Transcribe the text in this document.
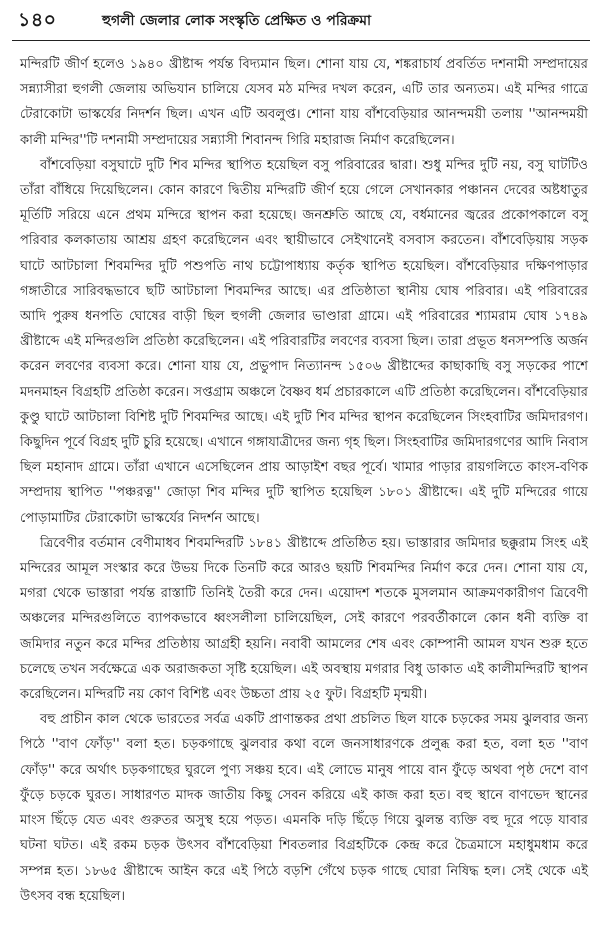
১৪০	হুগলী জেলার লোক সংস্কৃতি প্রেক্ষিত ও পরিক্রমা

মন্দিরটি জীর্ণ হলেও ১৯৪০ খ্রীষ্টাব্দ পর্যন্ত বিদ্যমান ছিল। শোনা যায় যে, শঙ্করাচার্য প্রবর্তিত দশনামী সম্প্রদায়ের সন্ন্যাসীরা হুগলী জেলায় অভিযান চালিয়ে যেসব মঠ মন্দির দখল করেন, এটি তার অন্যতম। এই মন্দির গাত্রে টেরাকোটা ভাস্কর্যের নিদর্শন ছিল। এখন এটি অবলুপ্ত। শোনা যায় বাঁশবেড়িয়ার আনন্দময়ী তলায় ''আনন্দময়ী কালী মন্দির''টি দশনামী সম্প্রদায়ের সন্ন্যাসী শিবানন্দ গিরি মহারাজ নির্মাণ করেছিলেন।

বাঁশবেড়িয়া বসুঘাটে দুটি শিব মন্দির স্থাপিত হয়েছিল বসু পরিবারের দ্বারা। শুধু মন্দির দুটি নয়, বসু ঘাটটিও তাঁরা বাঁধিয়ে দিয়েছিলেন। কোন কারণে দ্বিতীয় মন্দিরটি জীর্ণ হয়ে গেলে সেখানকার পঞ্চানন দেবের অষ্টধাতুর মূর্তিটি সরিয়ে এনে প্রথম মন্দিরে স্থাপন করা হয়েছে। জনশ্রুতি আছে যে, বর্ধমানের জ্বরের প্রকোপকালে বসু পরিবার কলকাতায় আশ্রয় গ্রহণ করেছিলেন এবং স্থায়ীভাবে সেইখানেই বসবাস করতেন। বাঁশবেড়িয়ায় সড়ক ঘাটে আটচালা শিবমন্দির দুটি পশুপতি নাথ চট্টোপাধ্যায় কর্তৃক স্থাপিত হয়েছিল। বাঁশবেড়িয়ার দক্ষিণপাড়ার গঙ্গাতীরে সারিবদ্ধভাবে ছটি আটচালা শিবমন্দির আছে। এর প্রতিষ্ঠাতা স্থানীয় ঘোষ পরিবার। এই পরিবারের আদি পুরুষ ধনপতি ঘোষের বাড়ী ছিল হুগলী জেলার ভাণ্ডারা গ্রামে। এই পরিবারের শ্যামরাম ঘোষ ১৭৪৯ খ্রীষ্টাব্দে এই মন্দিরগুলি প্রতিষ্ঠা করেছিলেন। এই পরিবারটির লবণের ব্যবসা ছিল। তারা প্রভূত ধনসম্পত্তি অর্জন করেন লবণের ব্যবসা করে। শোনা যায় যে, প্রভুপাদ নিত্যানন্দ ১৫০৬ খ্রীষ্টাব্দের কাছাকাছি বসু সড়কের পাশে মদনমাহন বিগ্রহটি প্রতিষ্ঠা করেন। সপ্তগ্রাম অঞ্চলে বৈষ্ণব ধর্ম প্রচারকালে এটি প্রতিষ্ঠা করেছিলেন। বাঁশবেড়িয়ার কুণ্ডু ঘাটে আটচালা বিশিষ্ট দুটি শিবমন্দির আছে। এই দুটি শিব মন্দির স্থাপন করেছিলেন সিংহবাটির জমিদারগণ। কিছুদিন পূর্বে বিগ্রহ দুটি চুরি হয়েছে। এখানে গঙ্গাযাত্রীদের জন্য গৃহ ছিল। সিংহবাটির জমিদারগণের আদি নিবাস ছিল মহানাদ গ্রামে। তাঁরা এখানে এসেছিলেন প্রায় আড়াইশ বছর পূর্বে। খামার পাড়ার রায়গলিতে কাংস-বণিক সম্প্রদায় স্থাপিত ''পঞ্চরত্ন'' জোড়া শিব মন্দির দুটি স্থাপিত হয়েছিল ১৮০১ খ্রীষ্টাব্দে। এই দুটি মন্দিরের গায়ে পোড়ামাটির টেরাকোটা ভাস্কর্যের নিদর্শন আছে।

ত্রিবেণীর বর্তমান বেণীমাধব শিবমন্দিরটি ১৮৪১ খ্রীষ্টাব্দে প্রতিষ্ঠিত হয়। ভাস্তারার জমিদার ছক্কুরাম সিংহ এই মন্দিরের আমূল সংস্কার করে উভয় দিকে তিনটি করে আরও ছয়টি শিবমন্দির নির্মাণ করে দেন। শোনা যায় যে, মগরা থেকে ভাস্তারা পর্যন্ত রাস্তাটি তিনিই তৈরী করে দেন। এয়োদশ শতকে মুসলমান আক্রমণকারীগণ ত্রিবেণী অঞ্চলের মন্দিরগুলিতে ব্যাপকভাবে ধ্বংসলীলা চালিয়েছিল, সেই কারণে পরবর্তীকালে কোন ধনী ব্যক্তি বা জমিদার নতুন করে মন্দির প্রতিষ্ঠায় আগ্রহী হয়নি। নবাবী আমলের শেষ এবং কোম্পানী আমল যখন শুরু হতে চলেছে তখন সর্বক্ষেত্রে এক অরাজকতা সৃষ্টি হয়েছিল। এই অবস্থায় মগরার বিধু ডাকাত এই কালীমন্দিরটি স্থাপন করেছিলেন। মন্দিরটি নয় কোণ বিশিষ্ট এবং উচ্চতা প্রায় ২৫ ফুট। বিগ্রহটি মৃন্ময়ী।

বহু প্রাচীন কাল থেকে ভারতের সর্বত্র একটি প্রাণান্তকর প্রথা প্রচলিত ছিল যাকে চড়কের সময় ঝুলবার জন্য পিঠে ''বাণ ফোঁড়'' বলা হত। চড়কগাছে ঝুলবার কথা বলে জনসাধারণকে প্রলুব্ধ করা হত, বলা হত ''বাণ ফোঁড়'' করে অর্থাৎ চড়কগাছের ঘুরলে পুণ্য সঞ্চয় হবে। এই লোভে মানুষ পায়ে বান ফুঁড়ে অথবা পৃষ্ঠ দেশে বাণ ফুঁড়ে চড়কে ঘুরত। সাধারণত মাদক জাতীয় কিছু সেবন করিয়ে এই কাজ করা হত। বহু স্থানে বাণভেদ স্থানের মাংস ছিঁড়ে যেত এবং গুরুতর অসুস্থ হয়ে পড়ত। এমনকি দড়ি ছিঁড়ে গিয়ে ঝুলন্ত ব্যক্তি বহু দূরে পড়ে যাবার ঘটনা ঘটত। এই রকম চড়ক উৎসব বাঁশবেড়িয়া শিবতলার বিগ্রহটিকে কেন্দ্র করে চৈত্রমাসে মহাধুমধাম করে সম্পন্ন হত। ১৮৬৫ খ্রীষ্টাব্দে আইন করে এই পিঠে বড়শি গেঁথে চড়ক গাছে ঘোরা নিষিদ্ধ হল। সেই থেকে এই উৎসব বন্ধ হয়েছিল।
